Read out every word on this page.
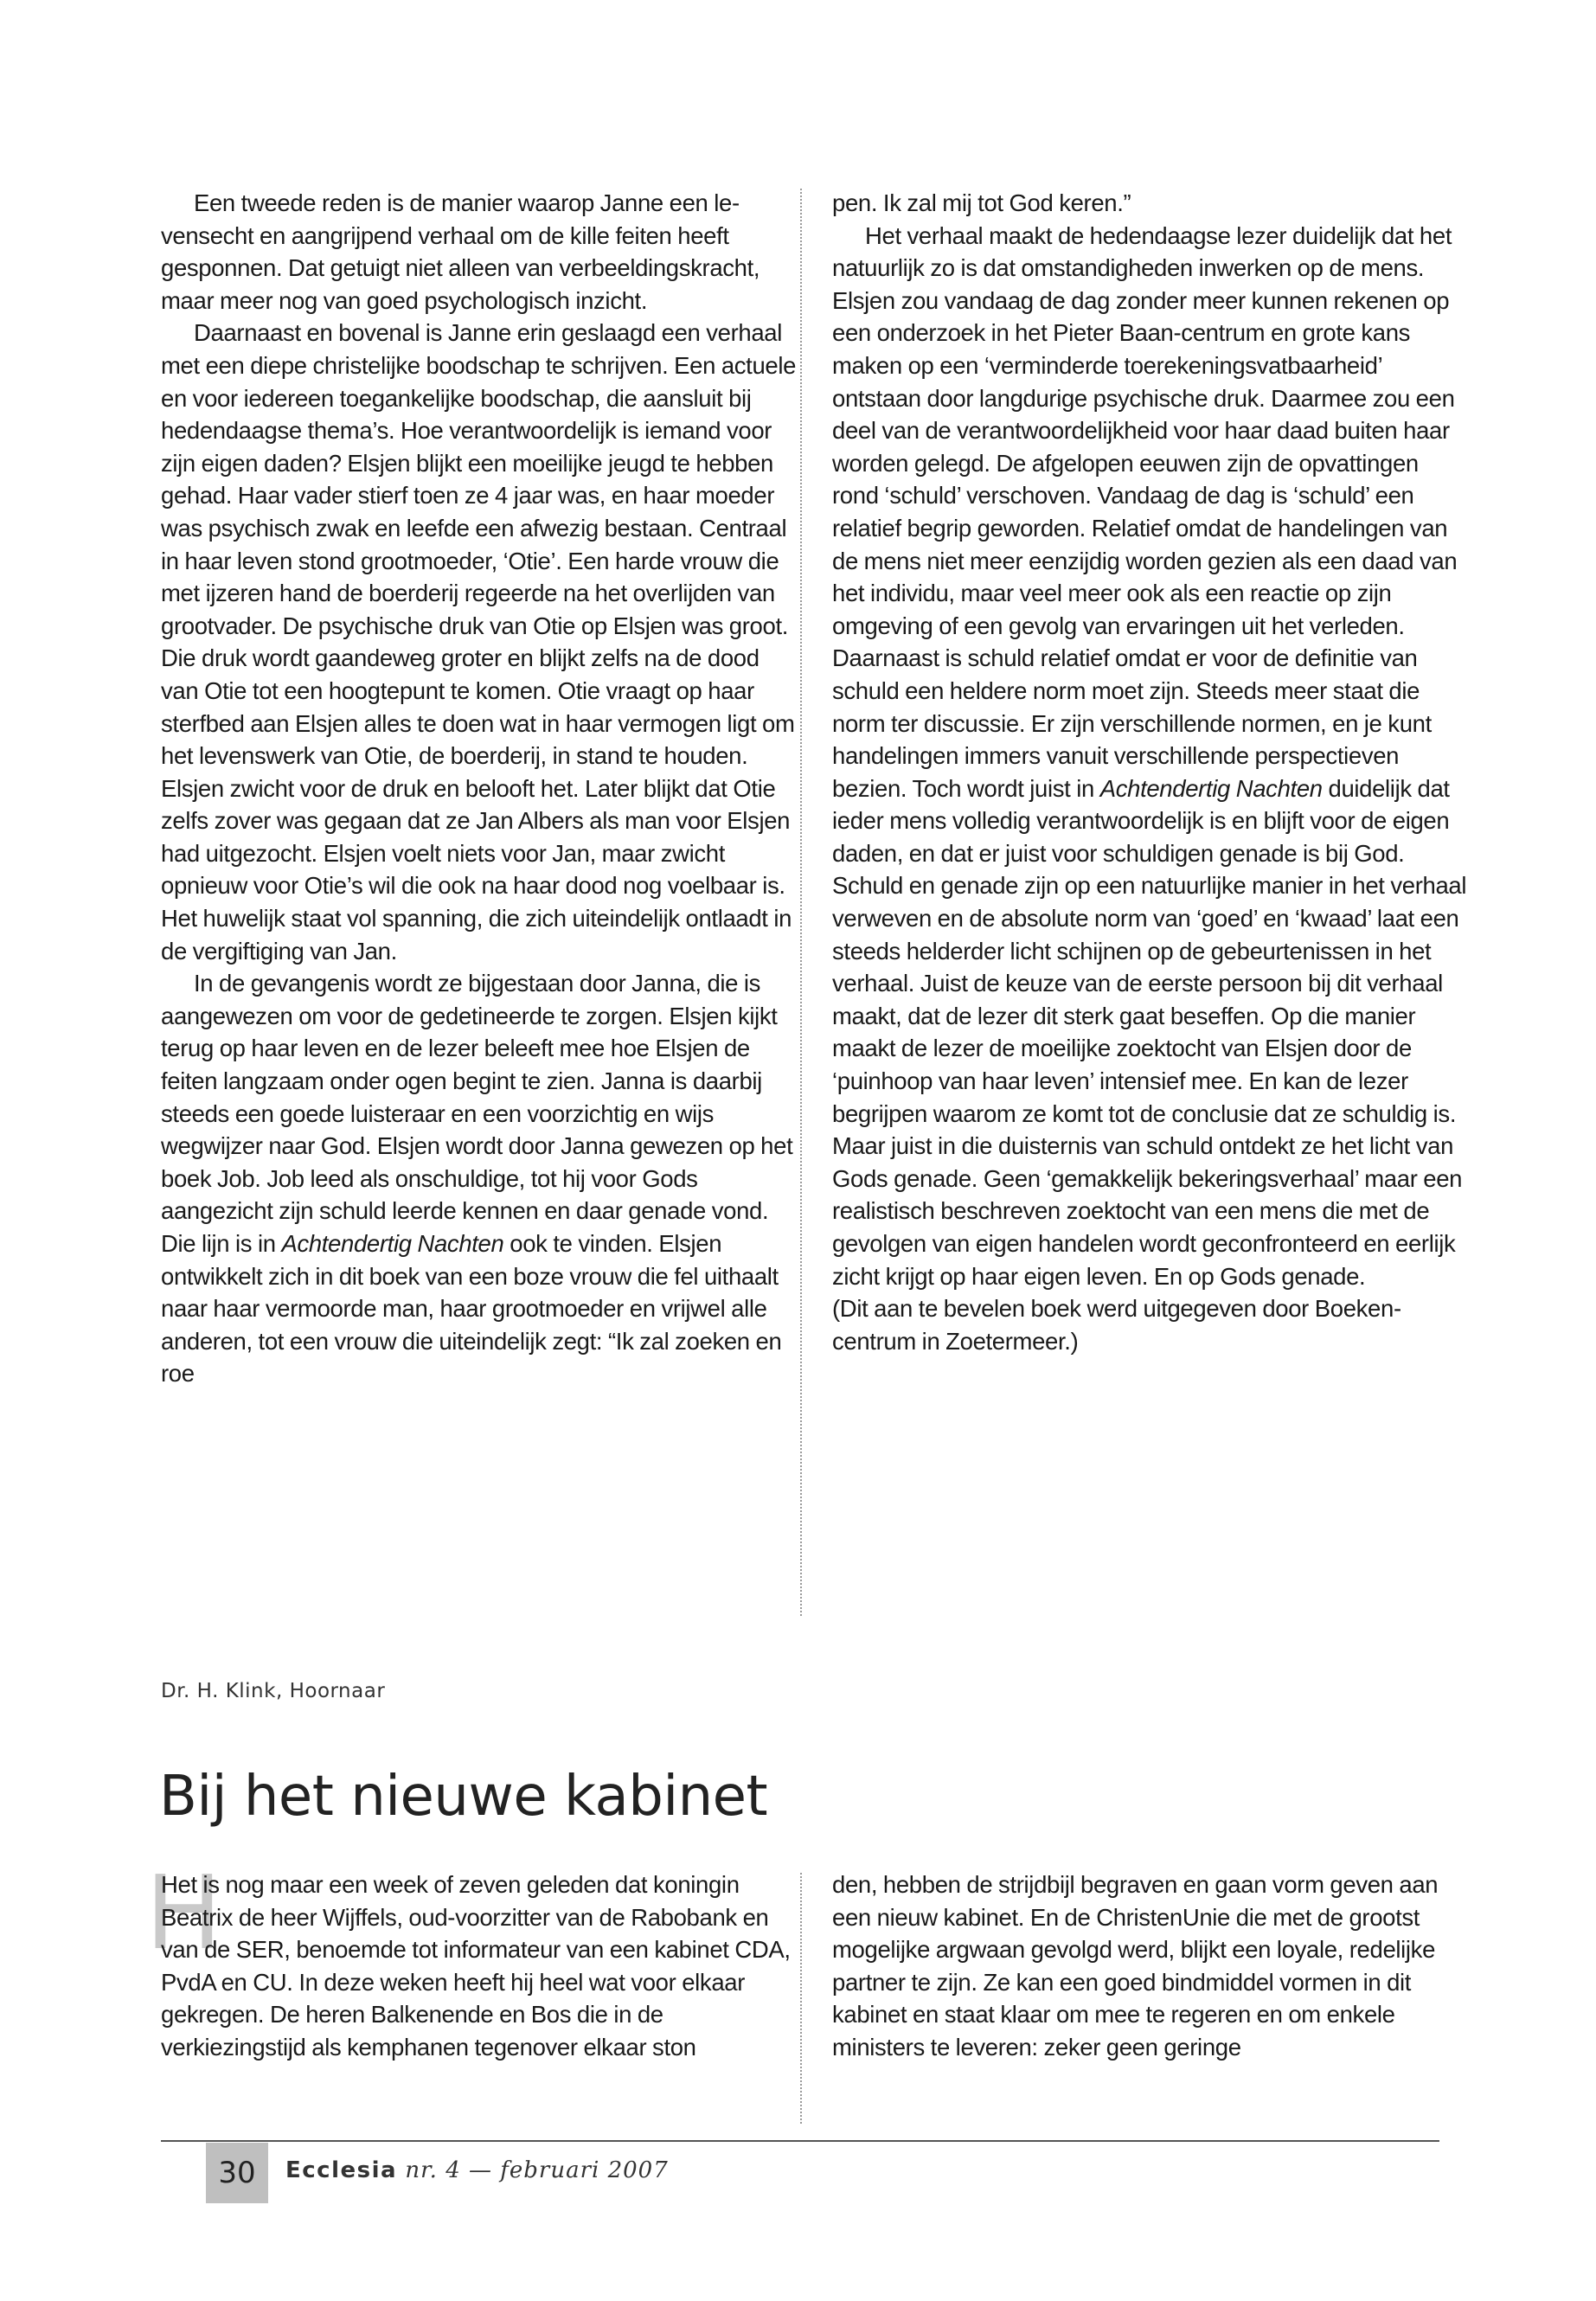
Een tweede reden is de manier waarop Janne een levensecht en aangrijpend verhaal om de kille feiten heeft gesponnen. Dat getuigt niet alleen van verbeeldingskracht, maar meer nog van goed psychologisch inzicht.

Daarnaast en bovenal is Janne erin geslaagd een verhaal met een diepe christelijke boodschap te schrijven. Een actuele en voor iedereen toegankelijke boodschap, die aansluit bij hedendaagse thema’s. Hoe verantwoordelijk is iemand voor zijn eigen daden? Elsjen blijkt een moeilijke jeugd te hebben gehad. Haar vader stierf toen ze 4 jaar was, en haar moeder was psychisch zwak en leefde een afwezig bestaan. Centraal in haar leven stond grootmoeder, ‘Otie’. Een harde vrouw die met ijzeren hand de boerderij regeerde na het overlijden van grootvader. De psychische druk van Otie op Elsjen was groot. Die druk wordt gaandeweg groter en blijkt zelfs na de dood van Otie tot een hoogtepunt te komen. Otie vraagt op haar sterfbed aan Elsjen alles te doen wat in haar vermogen ligt om het levenswerk van Otie, de boerderij, in stand te houden. Elsjen zwicht voor de druk en belooft het. Later blijkt dat Otie zelfs zover was gegaan dat ze Jan Albers als man voor Elsjen had uitgezocht. Elsjen voelt niets voor Jan, maar zwicht opnieuw voor Otie’s wil die ook na haar dood nog voelbaar is. Het huwelijk staat vol spanning, die zich uiteindelijk ontlaadt in de vergiftiging van Jan.

In de gevangenis wordt ze bijgestaan door Janna, die is aangewezen om voor de gedetineerde te zorgen. Elsjen kijkt terug op haar leven en de lezer beleeft mee hoe Elsjen de feiten langzaam onder ogen begint te zien. Janna is daarbij steeds een goede luisteraar en een voorzichtig en wijs wegwijzer naar God. Elsjen wordt door Janna gewezen op het boek Job. Job leed als onschuldige, tot hij voor Gods aangezicht zijn schuld leerde kennen en daar genade vond. Die lijn is in Achtendertig Nachten ook te vinden. Elsjen ontwikkelt zich in dit boek van een boze vrouw die fel uithaalt naar haar vermoorde man, haar grootmoeder en vrijwel alle anderen, tot een vrouw die uiteindelijk zegt: “Ik zal zoeken en roe

pen. Ik zal mij tot God keren.”

Het verhaal maakt de hedendaagse lezer duidelijk dat het natuurlijk zo is dat omstandigheden inwerken op de mens. Elsjen zou vandaag de dag zonder meer kunnen rekenen op een onderzoek in het Pieter Baan-centrum en grote kans maken op een ‘verminderde toerekeningsvatbaarheid’ ontstaan door langdurige psychische druk. Daarmee zou een deel van de verantwoordelijkheid voor haar daad buiten haar worden gelegd. De afgelopen eeuwen zijn de opvattingen rond ‘schuld’ verschoven. Vandaag de dag is ‘schuld’ een relatief begrip geworden. Relatief omdat de handelingen van de mens niet meer eenzijdig worden gezien als een daad van het individu, maar veel meer ook als een reactie op zijn omgeving of een gevolg van ervaringen uit het verleden. Daarnaast is schuld relatief omdat er voor de definitie van schuld een heldere norm moet zijn. Steeds meer staat die norm ter discussie. Er zijn verschillende normen, en je kunt handelingen immers vanuit verschillende perspectieven bezien. Toch wordt juist in Achtendertig Nachten duidelijk dat ieder mens volledig verantwoordelijk is en blijft voor de eigen daden, en dat er juist voor schuldigen genade is bij God. Schuld en genade zijn op een natuurlijke manier in het verhaal verweven en de absolute norm van ‘goed’ en ‘kwaad’ laat een steeds helderder licht schijnen op de gebeurtenissen in het verhaal. Juist de keuze van de eerste persoon bij dit verhaal maakt, dat de lezer dit sterk gaat beseffen. Op die manier maakt de lezer de moeilijke zoektocht van Elsjen door de ‘puinhoop van haar leven’ intensief mee. En kan de lezer begrijpen waarom ze komt tot de conclusie dat ze schuldig is. Maar juist in die duisternis van schuld ontdekt ze het licht van Gods genade. Geen ‘gemakkelijk bekeringsverhaal’ maar een realistisch beschreven zoektocht van een mens die met de gevolgen van eigen handelen wordt geconfronteerd en eerlijk zicht krijgt op haar eigen leven. En op Gods genade.

(Dit aan te bevelen boek werd uitgegeven door Boekencentrum in Zoetermeer.)

Dr. H. Klink, Hoornaar
Bij het nieuwe kabinet
H

Het is nog maar een week of zeven geleden dat koningin Beatrix de heer Wijffels, oud-voorzitter van de Rabobank en van de SER, benoemde tot informateur van een kabinet CDA, PvdA en CU. In deze weken heeft hij heel wat voor elkaar gekregen. De heren Balkenende en Bos die in de verkiezingstijd als kemphanen tegenover elkaar ston

den, hebben de strijdbijl begraven en gaan vorm geven aan een nieuw kabinet. En de ChristenUnie die met de grootst mogelijke argwaan gevolgd werd, blijkt een loyale, redelijke partner te zijn. Ze kan een goed bindmiddel vormen in dit kabinet en staat klaar om mee te regeren en om enkele ministers te leveren: zeker geen geringe

30	Ecclesia nr. 4 — februari 2007
